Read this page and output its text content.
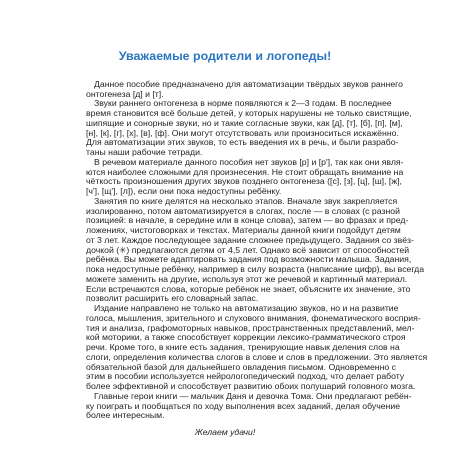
Уважаемые родители и логопеды!

Данное пособие предназначено для автоматизации твёрдых звуков раннего

онтогенеза [д] и [т].

Звуки раннего онтогенеза в норме появляются к 2—3 годам. В последнее

время становится всё больше детей, у которых нарушены не только свистящие,

шипящие и сонорные звуки, но и такие согласные звуки, как [д], [т], [б], [п], [м],

[н], [к], [г], [х], [в], [ф]. Они могут отсутствовать или произноситься искажённо.

Для автоматизации этих звуков, то есть введения их в речь, и были разрабо-

таны наши рабочие тетради.

В речевом материале данного пособия нет звуков [р] и [р'], так как они явля-

ются наиболее сложными для произнесения. Не стоит обращать внимание на

чёткость произношения других звуков позднего онтогенеза ([с], [з], [ц], [ш], [ж],

[ч'], [щ'], [л]), если они пока недоступны ребёнку.

Занятия по книге делятся на несколько этапов. Вначале звук закрепляется

изолированно, потом автоматизируется в слогах, после — в словах (с разной

позицией: в начале, в середине или в конце слова), затем — во фразах и пред-

ложениях, чистоговорках и текстах. Материалы данной книги подойдут детям

от 3 лет. Каждое последующее задание сложнее предыдущего. Задания со звёз-

дочкой (✳) предлагаются детям от 4,5 лет. Однако всё зависит от способностей

ребёнка. Вы можете адаптировать задания под возможности малыша. Задания,

пока недоступные ребёнку, например в силу возраста (написание цифр), вы всегда

можете заменить на другие, используя этот же речевой и картинный материал.

Если встречаются слова, которые ребёнок не знает, объясните их значение, это

позволит расширить его словарный запас.

Издание направлено не только на автоматизацию звуков, но и на развитие

голоса, мышления, зрительного и слухового внимания, фонематического восприя-

тия и анализа, графомоторных навыков, пространственных представлений, мел-

кой моторики, а также способствует коррекции лексико-грамматического строя

речи. Кроме того, в книге есть задания, тренирующие навык деления слов на

слоги, определения количества слогов в слове и слов в предложении. Это является

обязательной базой для дальнейшего овладения письмом. Одновременно с

этим в пособии используется нейрологопедический подход, что делает работу

более эффективной и способствует развитию обоих полушарий головного мозга.

Главные герои книги — мальчик Даня и девочка Тома. Они предлагают ребён-

ку поиграть и пообщаться по ходу выполнения всех заданий, делая обучение

более интересным.

Желаем удачи!
